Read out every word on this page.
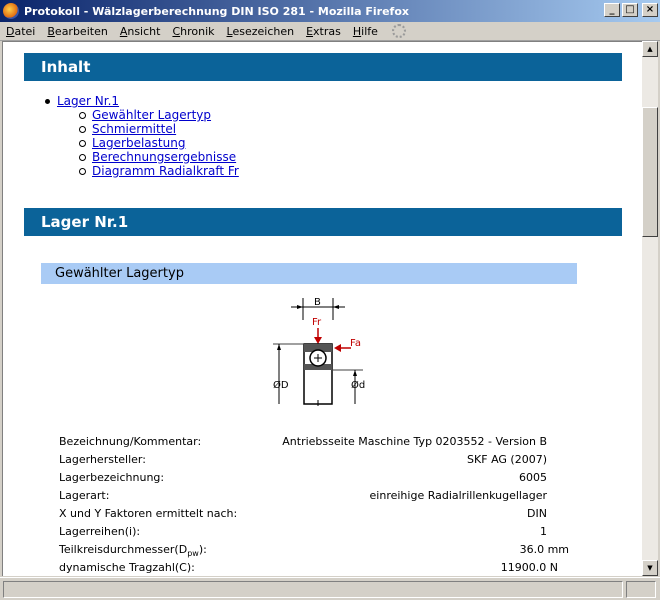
Protokoll - Wälzlagerberechnung DIN ISO 281 - Mozilla Firefox	_	□	×
Datei	Bearbeiten	Ansicht	Chronik	Lesezeichen	Extras	Hilfe
Inhalt
Lager Nr.1
Gewählter Lagertyp
Schmiermittel
Lagerbelastung
Berechnungsergebnisse
Diagramm Radialkraft Fr
Lager Nr.1
Gewählter Lagertyp
B
Fr
Fa
ØD	Ød
Bezeichnung/Kommentar:	Antriebsseite Maschine Typ 0203552 - Version B
Lagerhersteller:	SKF AG (2007)
Lagerbezeichnung:	6005
Lagerart:	einreihige Radialrillenkugellager
X und Y Faktoren ermittelt nach:	DIN
Lagerreihen(i):	1
$Teilkreisdurchmesser(D_{pw})$:	36.0 mm
dynamische Tragzahl(C):	11900.0 N
▲
▼
